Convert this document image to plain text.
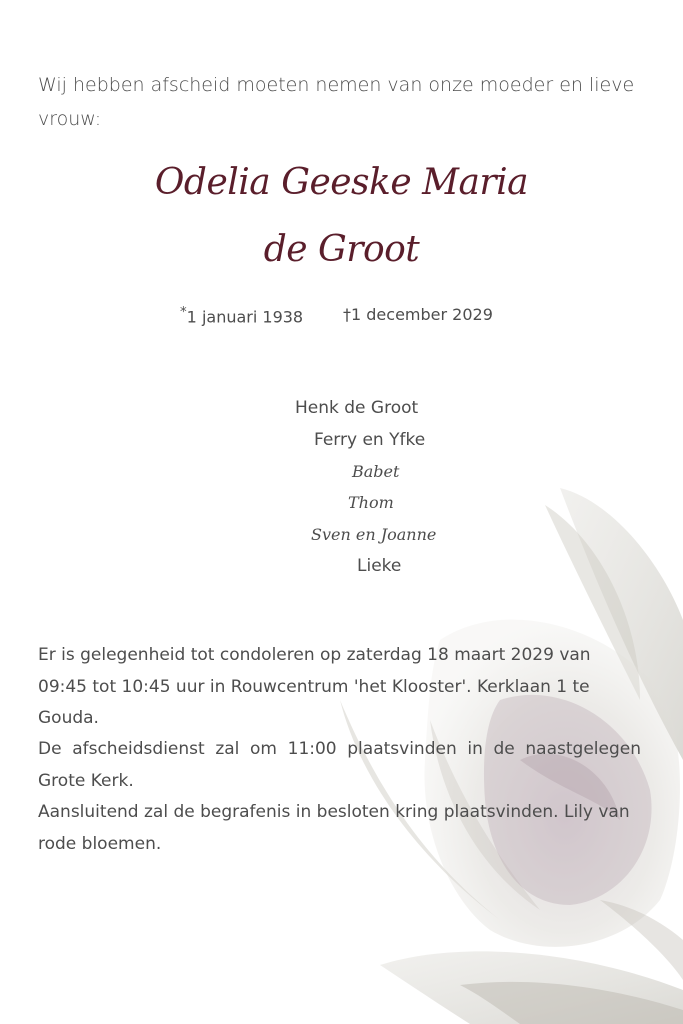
Wij hebben afscheid moeten nemen van onze moeder en lieve vrouw:
Odelia Geeske Maria
de Groot
*1 januari 1938 †1 december 2029
Henk de Groot
Ferry en Yfke
Babet
Thom
Sven en Joanne
Lieke
Er is gelegenheid tot condoleren op zaterdag 18 maart 2029 van 09:45 tot 10:45 uur in Rouwcentrum 'het Klooster'. Kerklaan 1 te Gouda.
De afscheidsdienst zal om 11:00 plaatsvinden in de naastgelegen Grote Kerk.
Aansluitend zal de begrafenis in besloten kring plaatsvinden. Lily van rode bloemen.
